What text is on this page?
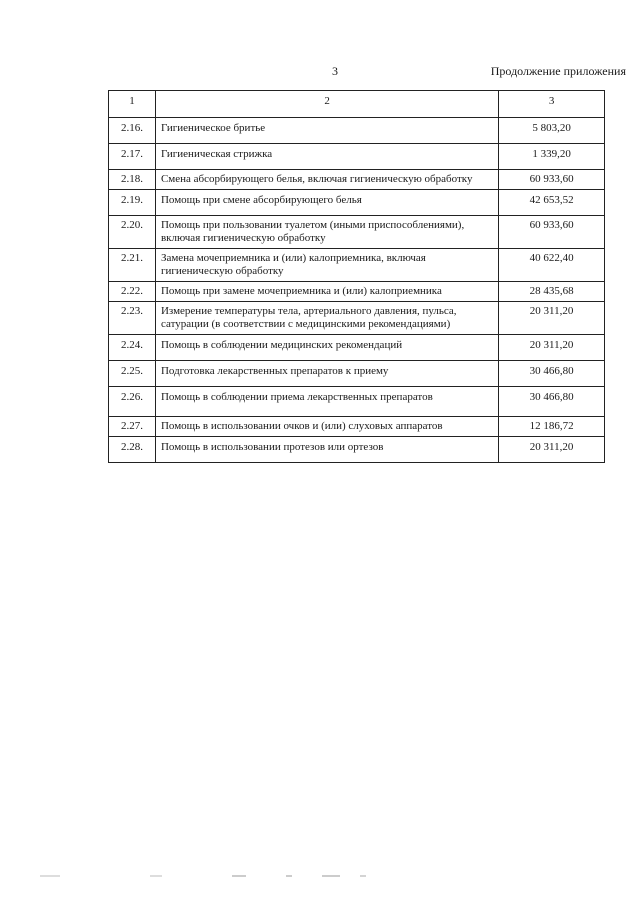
3	Продолжение приложения
1	2	3
2.16.	Гигиеническое бритье	5 803,20
2.17.	Гигиеническая стрижка	1 339,20
2.18.	Смена абсорбирующего белья, включая гигиеническую обработку	60 933,60
2.19.	Помощь при смене абсорбирующего белья	42 653,52
2.20.	Помощь при пользовании туалетом (иными приспособлениями), включая гигиеническую обработку	60 933,60
2.21.	Замена мочеприемника и (или) калоприемника, включая гигиеническую обработку	40 622,40
2.22.	Помощь при замене мочеприемника и (или) калоприемника	28 435,68
2.23.	Измерение температуры тела, артериального давления, пульса, сатурации (в соответствии с медицинскими рекомендациями)	20 311,20
2.24.	Помощь в соблюдении медицинских рекомендаций	20 311,20
2.25.	Подготовка лекарственных препаратов к приему	30 466,80
2.26.	Помощь в соблюдении приема лекарственных препаратов	30 466,80
2.27.	Помощь в использовании очков и (или) слуховых аппаратов	12 186,72
2.28.	Помощь в использовании протезов или ортезов	20 311,20
